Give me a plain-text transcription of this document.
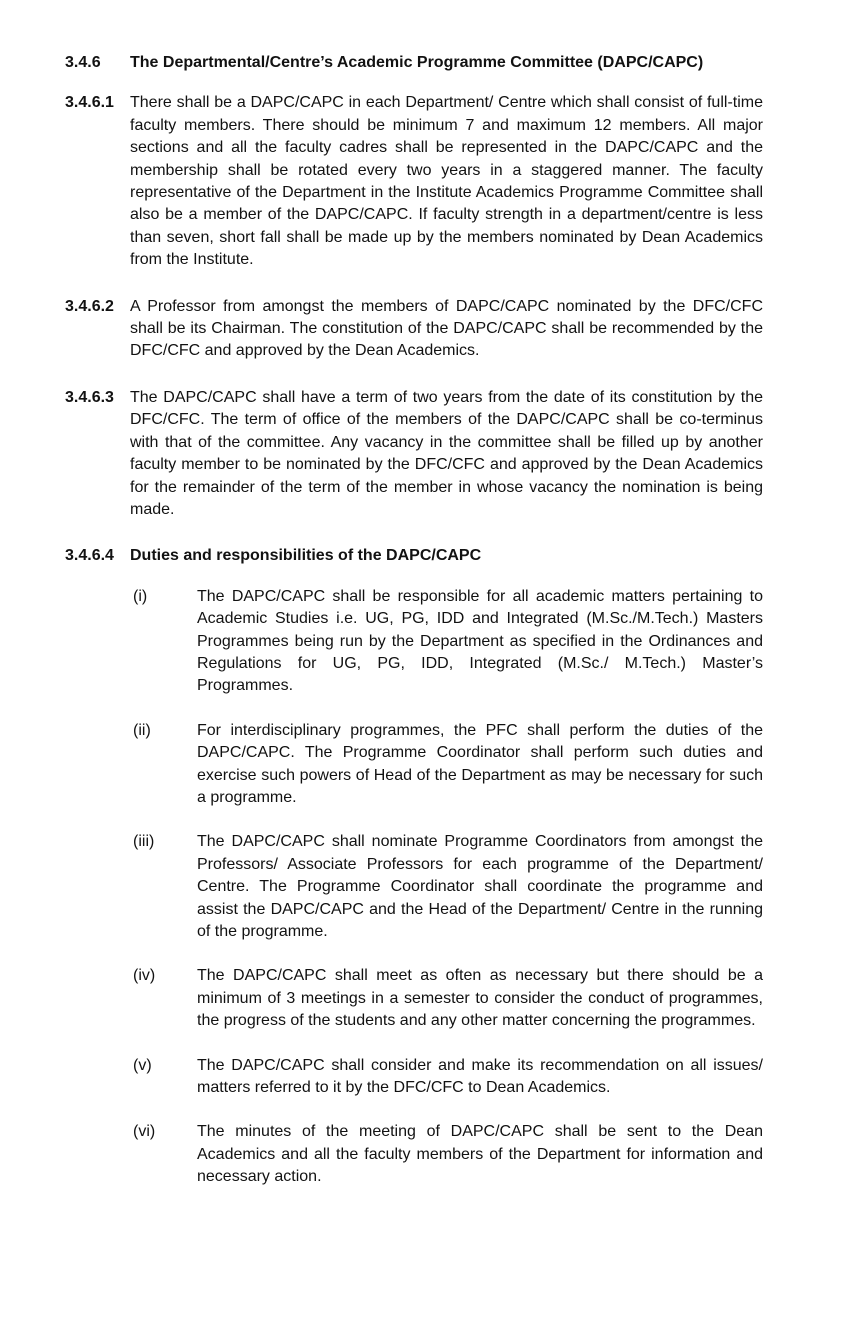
3.4.6	The Departmental/Centre’s Academic Programme Committee (DAPC/CAPC)
3.4.6.1	There shall be a DAPC/CAPC in each Department/ Centre which shall consist of full-time faculty members. There should be minimum 7 and maximum 12 members. All major sections and all the faculty cadres shall be represented in the DAPC/CAPC and the membership shall be rotated every two years in a staggered manner. The faculty representative of the Department in the Institute Academics Programme Committee shall also be a member of the DAPC/CAPC. If faculty strength in a department/centre is less than seven, short fall shall be made up by the members nominated by Dean Academics from the Institute.
3.4.6.2	A Professor from amongst the members of DAPC/CAPC nominated by the DFC/CFC shall be its Chairman. The constitution of the DAPC/CAPC shall be recommended by the DFC/CFC and approved by the Dean Academics.
3.4.6.3	The DAPC/CAPC shall have a term of two years from the date of its constitution by the DFC/CFC. The term of office of the members of the DAPC/CAPC shall be co-terminus with that of the committee. Any vacancy in the committee shall be filled up by another faculty member to be nominated by the DFC/CFC and approved by the Dean Academics for the remainder of the term of the member in whose vacancy the nomination is being made.
3.4.6.4	Duties and responsibilities of the DAPC/CAPC
(i)	The DAPC/CAPC shall be responsible for all academic matters pertaining to Academic Studies i.e. UG, PG, IDD and Integrated (M.Sc./M.Tech.) Masters Programmes being run by the Department as specified in the Ordinances and Regulations for UG, PG, IDD, Integrated (M.Sc./ M.Tech.) Master’s Programmes.
(ii)	For interdisciplinary programmes, the PFC shall perform the duties of the DAPC/CAPC. The Programme Coordinator shall perform such duties and exercise such powers of Head of the Department as may be necessary for such a programme.
(iii)	The DAPC/CAPC shall nominate Programme Coordinators from amongst the Professors/ Associate Professors for each programme of the Department/ Centre. The Programme Coordinator shall coordinate the programme and assist the DAPC/CAPC and the Head of the Department/ Centre in the running of the programme.
(iv)	The DAPC/CAPC shall meet as often as necessary but there should be a minimum of 3 meetings in a semester to consider the conduct of programmes, the progress of the students and any other matter concerning the programmes.
(v)	The DAPC/CAPC shall consider and make its recommendation on all issues/ matters referred to it by the DFC/CFC to Dean Academics.
(vi)	The minutes of the meeting of DAPC/CAPC shall be sent to the Dean Academics and all the faculty members of the Department for information and necessary action.
